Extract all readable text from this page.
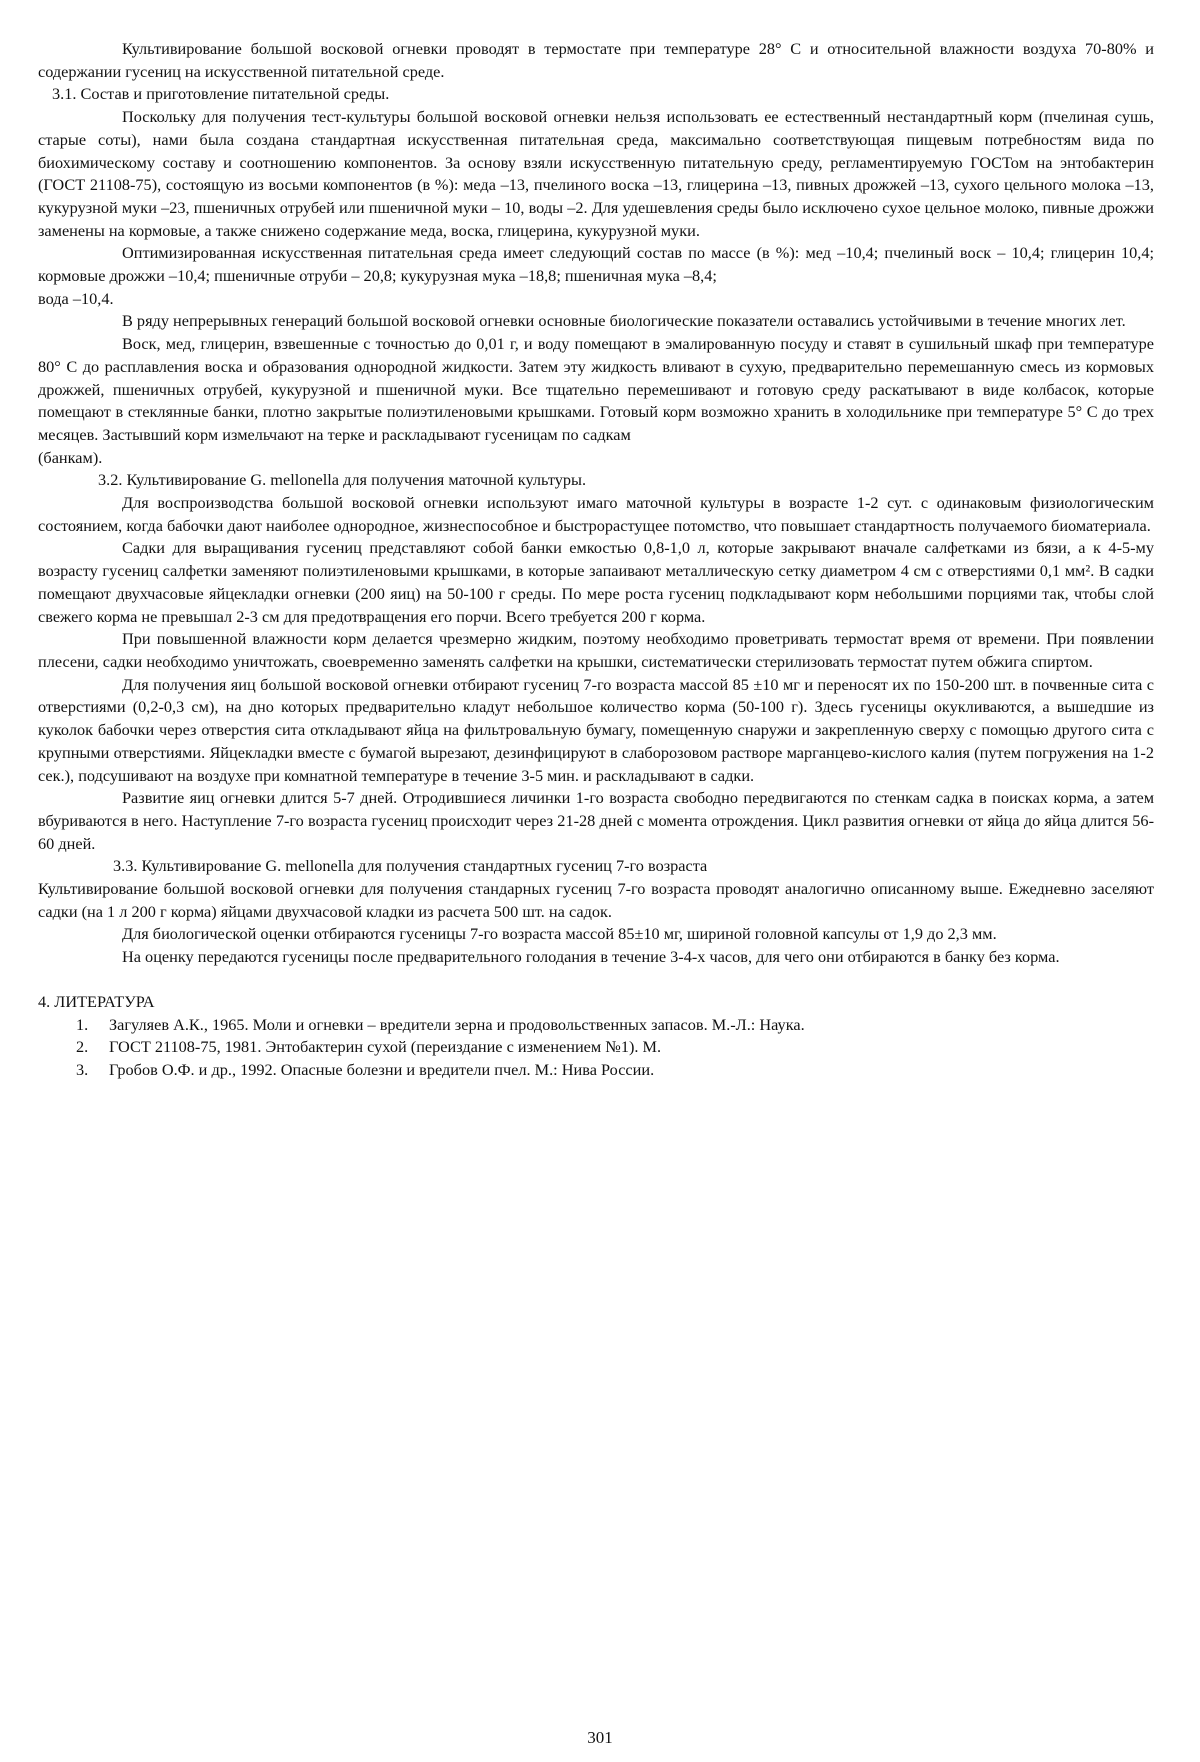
Культивирование большой восковой огневки проводят в термостате при температуре 28° C и относительной влажности воздуха 70-80% и содержании гусениц на искусственной питательной среде.

3.1. Состав и приготовление питательной среды.

Поскольку для получения тест-культуры большой восковой огневки нельзя использовать ее естественный нестандартный корм (пчелиная сушь, старые соты), нами была создана стандартная искусственная питательная среда, максимально соответствующая пищевым потребностям вида по биохимическому составу и соотношению компонентов. За основу взяли искусственную питательную среду, регламентируемую ГОСТом на энтобактерин (ГОСТ 21108-75), состоящую из восьми компонентов (в %): меда –13, пчелиного воска –13, глицерина –13, пивных дрожжей –13, сухого цельного молока –13, кукурузной муки –23, пшеничных отрубей или пшеничной муки – 10, воды –2. Для удешевления среды было исключено сухое цельное молоко, пивные дрожжи заменены на кормовые, а также снижено содержание меда, воска, глицерина, кукурузной муки.

Оптимизированная искусственная питательная среда имеет следующий состав по массе (в %): мед –10,4; пчелиный воск – 10,4; глицерин 10,4; кормовые дрожжи –10,4; пшеничные отруби – 20,8; кукурузная мука –18,8; пшеничная мука –8,4;

вода –10,4.

В ряду непрерывных генераций большой восковой огневки основные биологические показатели оставались устойчивыми в течение многих лет.

Воск, мед, глицерин, взвешенные с точностью до 0,01 г, и воду помещают в эмалированную посуду и ставят в сушильный шкаф при температуре 80° C до расплавления воска и образования однородной жидкости. Затем эту жидкость вливают в сухую, предварительно перемешанную смесь из кормовых дрожжей, пшеничных отрубей, кукурузной и пшеничной муки. Все тщательно перемешивают и готовую среду раскатывают в виде колбасок, которые помещают в стеклянные банки, плотно закрытые полиэтиленовыми крышками. Готовый корм возможно хранить в холодильнике при температуре 5° C до трех месяцев. Застывший корм измельчают на терке и раскладывают гусеницам по садкам

(банкам).

3.2. Культивирование G. mellonella для получения маточной культуры.

Для воспроизводства большой восковой огневки используют имаго маточной культуры в возрасте 1-2 сут. с одинаковым физиологическим состоянием, когда бабочки дают наиболее однородное, жизнеспособное и быстрорастущее потомство, что повышает стандартность получаемого биоматериала.

Садки для выращивания гусениц представляют собой банки емкостью 0,8-1,0 л, которые закрывают вначале салфетками из бязи, а к 4-5-му возрасту гусениц салфетки заменяют полиэтиленовыми крышками, в которые запаивают металлическую сетку диаметром 4 см с отверстиями 0,1 мм². В садки помещают двухчасовые яйцекладки огневки (200 яиц) на 50-100 г среды. По мере роста гусениц подкладывают корм небольшими порциями так, чтобы слой свежего корма не превышал 2-3 см для предотвращения его порчи. Всего требуется 200 г корма.

При повышенной влажности корм делается чрезмерно жидким, поэтому необходимо проветривать термостат время от времени. При появлении плесени, садки необходимо уничтожать, своевременно заменять салфетки на крышки, систематически стерилизовать термостат путем обжига спиртом.

Для получения яиц большой восковой огневки отбирают гусениц 7-го возраста массой 85 ±10 мг и переносят их по 150-200 шт. в почвенные сита с отверстиями (0,2-0,3 см), на дно которых предварительно кладут небольшое количество корма (50-100 г). Здесь гусеницы окукливаются, а вышедшие из куколок бабочки через отверстия сита откладывают яйца на фильтровальную бумагу, помещенную снаружи и закрепленную сверху с помощью другого сита с крупными отверстиями. Яйцекладки вместе с бумагой вырезают, дезинфицируют в слаборозовом растворе марганцево-кислого калия (путем погружения на 1-2 сек.), подсушивают на воздухе при комнатной температуре в течение 3-5 мин. и раскладывают в садки.

Развитие яиц огневки длится 5-7 дней. Отродившиеся личинки 1-го возраста свободно передвигаются по стенкам садка в поисках корма, а затем вбуриваются в него. Наступление 7-го возраста гусениц происходит через 21-28 дней с момента отрождения. Цикл развития огневки от яйца до яйца длится 56-60 дней.

3.3. Культивирование G. mellonella для получения стандартных гусениц 7-го возраста

Культивирование большой восковой огневки для получения стандарных гусениц 7-го возраста проводят аналогично описанному выше. Ежедневно заселяют садки (на 1 л 200 г корма) яйцами двухчасовой кладки из расчета 500 шт. на садок.

Для биологической оценки отбираются гусеницы 7-го возраста массой 85±10 мг, шириной головной капсулы от 1,9 до 2,3 мм.

На оценку передаются гусеницы после предварительного голодания в течение 3-4-х часов, для чего они отбираются в банку без корма.

4. ЛИТЕРАТУРА

1. Загуляев А.К., 1965. Моли и огневки – вредители зерна и продовольственных запасов. М.-Л.: Наука.
2. ГОСТ 21108-75, 1981. Энтобактерин сухой (переиздание с изменением №1). М.
3. Гробов О.Ф. и др., 1992. Опасные болезни и вредители пчел. М.: Нива России.
301
